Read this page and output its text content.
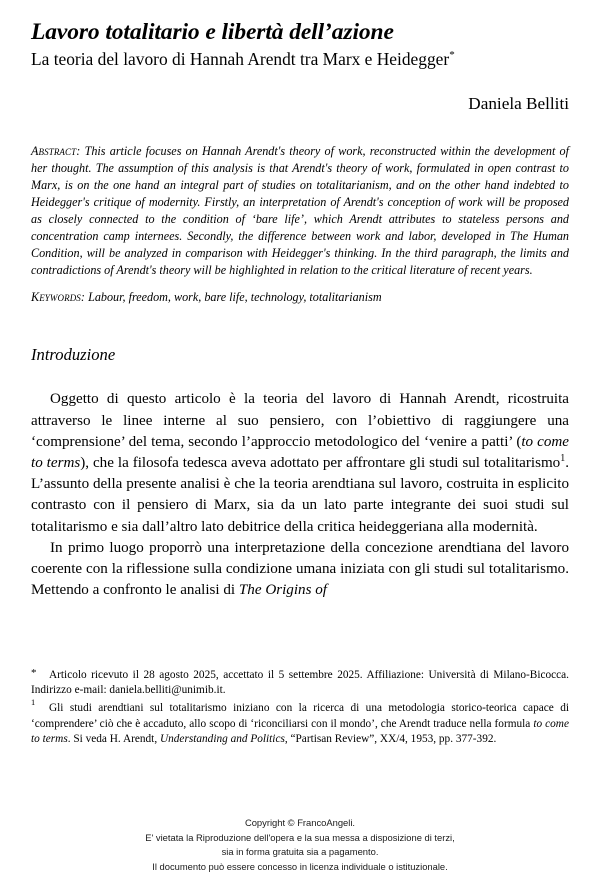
Lavoro totalitario e libertà dell’azione
La teoria del lavoro di Hannah Arendt tra Marx e Heidegger*

Daniela Belliti

Abstract: This article focuses on Hannah Arendt's theory of work, reconstructed within the development of her thought. The assumption of this analysis is that Arendt's theory of work, formulated in open contrast to Marx, is on the one hand an integral part of studies on totalitarianism, and on the other hand indebted to Heidegger's critique of modernity. Firstly, an interpretation of Arendt's conception of work will be proposed as closely connected to the condition of ‘bare life’, which Arendt attributes to stateless persons and concentration camp internees. Secondly, the difference between work and labor, developed in The Human Condition, will be analyzed in comparison with Heidegger's thinking. In the third paragraph, the limits and contradictions of Arendt's theory will be highlighted in relation to the critical literature of recent years.

Keywords: Labour, freedom, work, bare life, technology, totalitarianism

Introduzione

Oggetto di questo articolo è la teoria del lavoro di Hannah Arendt, ricostruita attraverso le linee interne al suo pensiero, con l’obiettivo di raggiungere una ‘comprensione’ del tema, secondo l’approccio metodologico del ‘venire a patti’ (to come to terms), che la filosofa tedesca aveva adottato per affrontare gli studi sul totalitarismo$^1$. L’assunto della presente analisi è che la teoria arendtiana sul lavoro, costruita in esplicito contrasto con il pensiero di Marx, sia da un lato parte integrante dei suoi studi sul totalitarismo e sia dall’altro lato debitrice della critica heideggeriana alla modernità.

In primo luogo proporrò una interpretazione della concezione arendtiana del lavoro coerente con la riflessione sulla condizione umana iniziata con gli studi sul totalitarismo. Mettendo a confronto le analisi di The Origins of

* Articolo ricevuto il 28 agosto 2025, accettato il 5 settembre 2025. Affiliazione: Università di Milano-Bicocca. Indirizzo e-mail: daniela.belliti@unimib.it.

1 Gli studi arendtiani sul totalitarismo iniziano con la ricerca di una metodologia storico-teorica capace di ‘comprendere’ ciò che è accaduto, allo scopo di ‘riconciliarsi con il mondo’, che Arendt traduce nella formula to come to terms. Si veda H. Arendt, Understanding and Politics, “Partisan Review”, XX/4, 1953, pp. 377-392.

Copyright © FrancoAngeli.
E' vietata la Riproduzione dell'opera e la sua messa a disposizione di terzi,
sia in forma gratuita sia a pagamento.
Il documento può essere concesso in licenza individuale o istituzionale.
